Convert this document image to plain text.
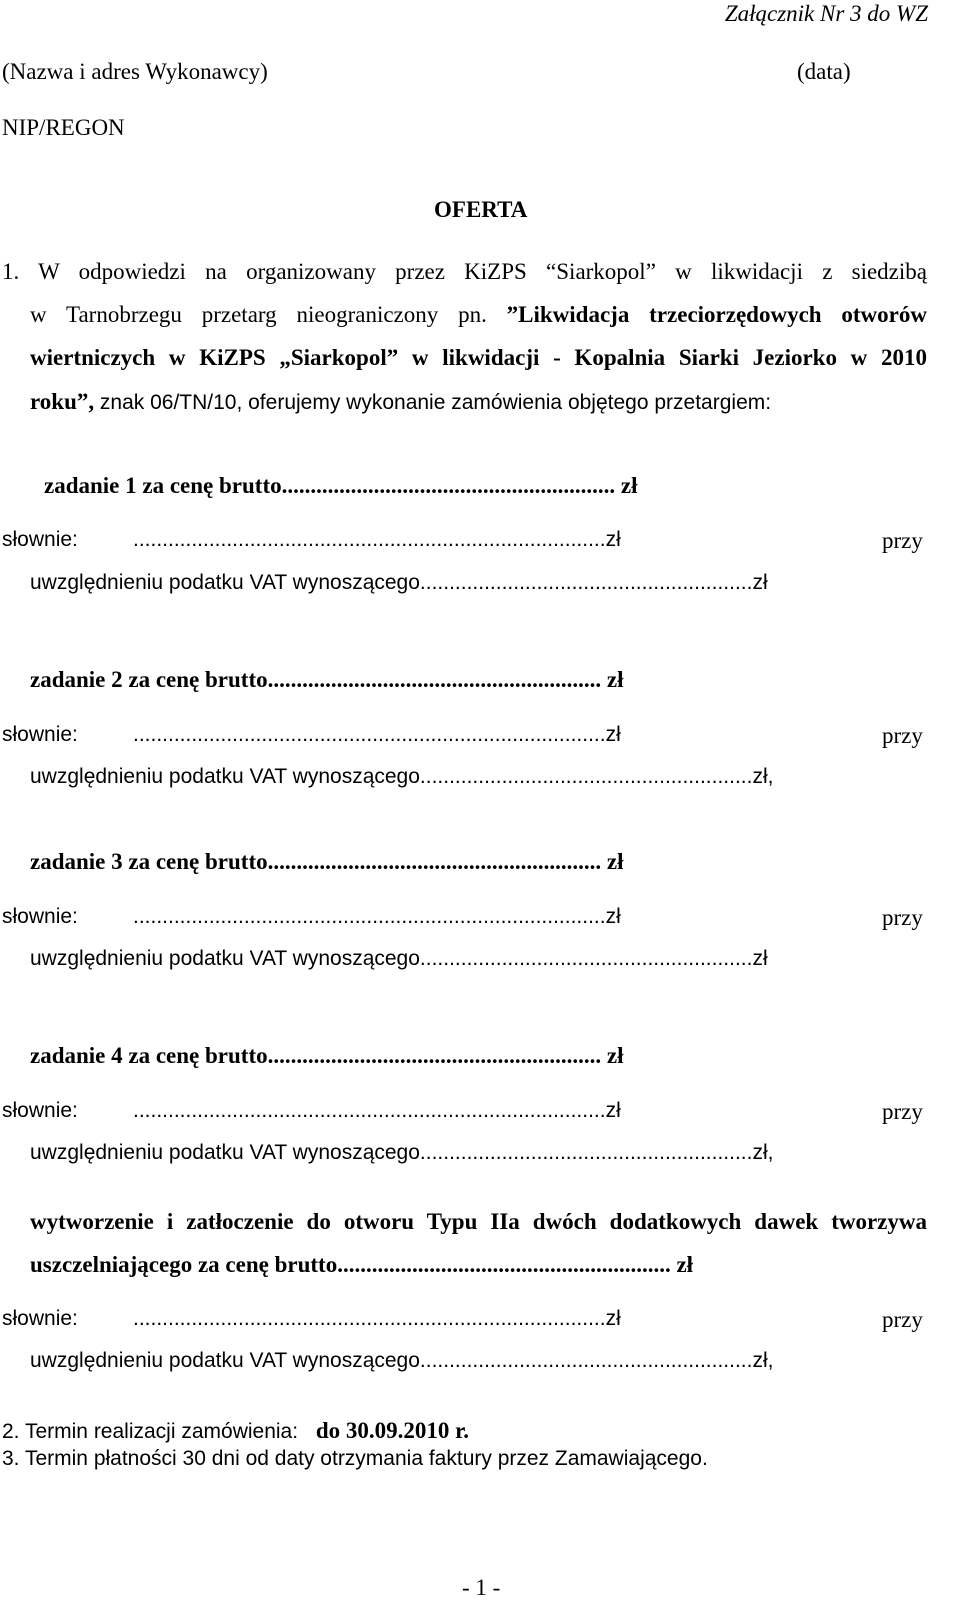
Załącznik Nr 3 do WZ
(Nazwa i adres Wykonawcy)	(data)
NIP/REGON
OFERTA
1. W odpowiedzi na organizowany przez KiZPS “Siarkopol” w likwidacji z siedzibą
w Tarnobrzegu przetarg nieograniczony pn. ”Likwidacja trzeciorzędowych otworów
wiertniczych w KiZPS „Siarkopol” w likwidacji - Kopalnia Siarki Jeziorko w 2010
roku”, znak 06/TN/10, oferujemy wykonanie zamówienia objętego przetargiem:
zadanie 1 za cenę brutto.......................................................... zł
słownie:	.................................................................................zł	przy
uwzględnieniu podatku VAT wynoszącego.........................................................zł
zadanie 2 za cenę brutto.......................................................... zł
słownie:	.................................................................................zł	przy
uwzględnieniu podatku VAT wynoszącego.........................................................zł,
zadanie 3 za cenę brutto.......................................................... zł
słownie:	.................................................................................zł	przy
uwzględnieniu podatku VAT wynoszącego.........................................................zł
zadanie 4 za cenę brutto.......................................................... zł
słownie:	.................................................................................zł	przy
uwzględnieniu podatku VAT wynoszącego.........................................................zł,
wytworzenie i zatłoczenie do otworu Typu IIa dwóch dodatkowych dawek tworzywa
uszczelniającego za cenę brutto.......................................................... zł
słownie:	.................................................................................zł	przy
uwzględnieniu podatku VAT wynoszącego.........................................................zł,
2. Termin realizacji zamówienia: do 30.09.2010 r.
3. Termin płatności 30 dni od daty otrzymania faktury przez Zamawiającego.
- 1 -
